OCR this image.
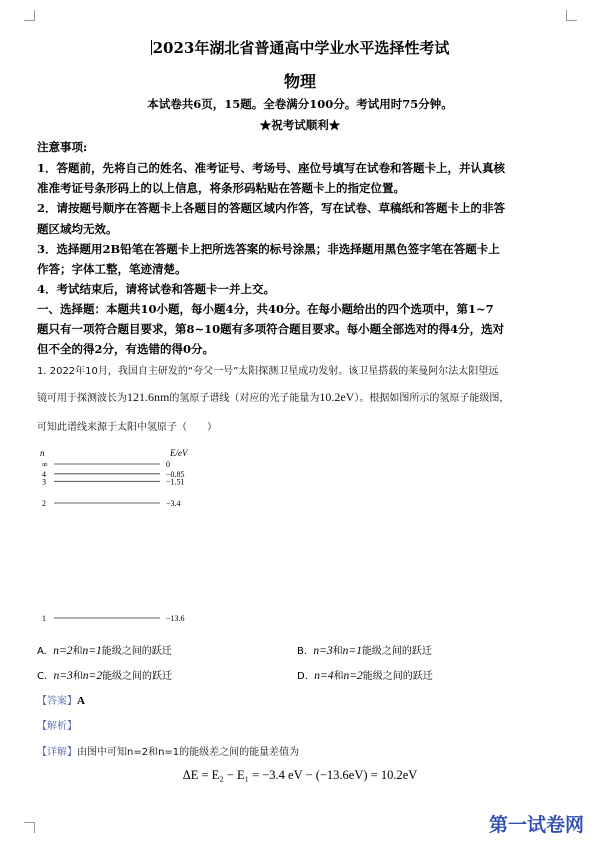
2023年湖北省普通高中学业水平选择性考试
物理
本试卷共6页，15题。全卷满分100分。考试用时75分钟。
★祝考试顺利★
注意事项:
1．答题前，先将自己的姓名、准考证号、考场号、座位号填写在试卷和答题卡上，并认真核
准准考证号条形码上的以上信息，将条形码粘贴在答题卡上的指定位置。
2．请按题号顺序在答题卡上各题目的答题区域内作答，写在试卷、草稿纸和答题卡上的非答
题区域均无效。
3．选择题用2B铅笔在答题卡上把所选答案的标号涂黑；非选择题用黑色签字笔在答题卡上
作答；字体工整，笔迹清楚。
4．考试结束后，请将试卷和答题卡一并上交。
一、选择题：本题共10小题，每小题4分，共40分。在每小题给出的四个选项中，第1~7
题只有一项符合题目要求，第8~10题有多项符合题目要求。每小题全部选对的得4分，选对
但不全的得2分，有选错的得0分。
1. 2022年10月，我国自主研发的“夸父一号”太阳探测卫星成功发射。该卫星搭载的莱曼阿尔法太阳望远
镜可用于探测波长为121.6nm的氢原子谱线（对应的光子能量为10.2eV）。根据如图所示的氢原子能级图，
可知此谱线来源于太阳中氢原子（　　）
n	E/eV
∞	0
4	−0.85
3	−1.51
2	−3.4
1	−13.6
A. n=2和n=1能级之间的跃迁	B. n=3和n=1能级之间的跃迁
C. n=3和n=2能级之间的跃迁	D. n=4和n=2能级之间的跃迁
【答案】A
【解析】
【详解】由图中可知n=2和n=1的能级差之间的能量差值为
ΔE = E₂ − E₁ = −3.4 eV − (−13.6eV) = 10.2eV
第一试卷网
